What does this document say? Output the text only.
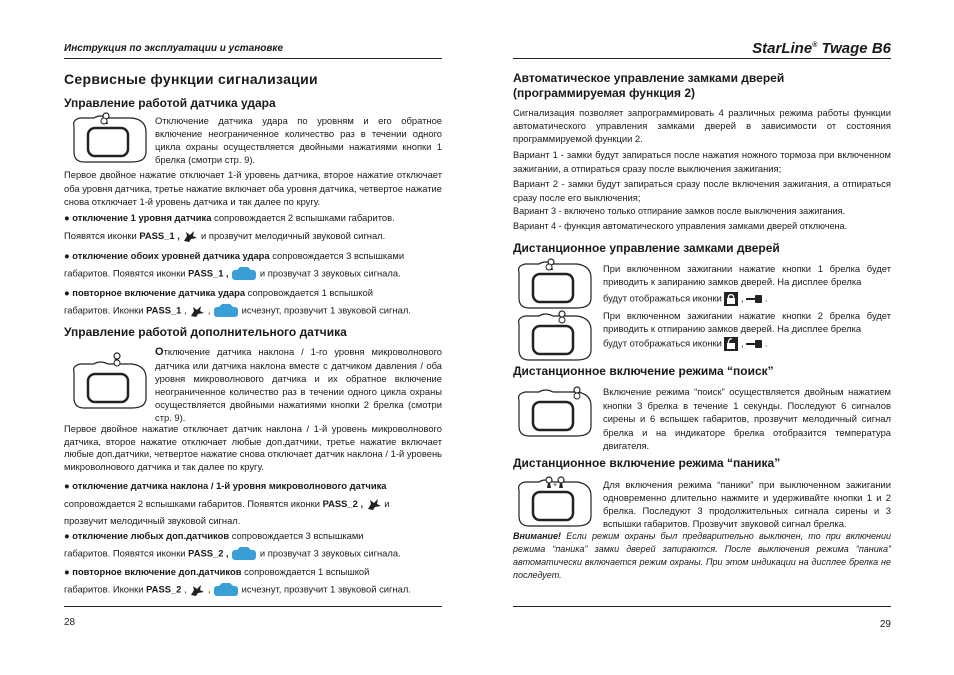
Инструкция по эксплуатации и установке
Сервисные функции сигнализации
Управление работой датчика удара
Отключение датчика удара по уровням и его обратное включение неограниченное количество раз в течении одного цикла охраны осуществляется двойными нажатиями кнопки 1 брелка (смотри стр. 9).
Первое двойное нажатие отключает 1-й уровень датчика, второе нажатие отключает оба уровня датчика, третье нажатие включает оба уровня датчика, четвертое нажатие снова отключает 1-й уровень датчика и так далее по кругу.
● отключение 1 уровня датчика сопровождается 2 вспышками габаритов.
Появятся иконки PASS_1 ,  и прозвучит мелодичный звуковой сигнал.
● отключение обоих уровней датчика удара сопровождается 3 вспышками
габаритов. Появятся иконки PASS_1 ,	и прозвучат 3 звуковых сигнала.
● повторное включение датчика удара сопровождается 1 вспышкой
габаритов. Иконки PASS_1 ,  ,	исчезнут, прозвучит 1 звуковой сигнал.
Управление работой дополнительного датчика
Отключение датчика наклона / 1-го уровня микроволнового датчика или датчика наклона вместе с датчиком давления / оба уровня микроволнового датчика и их обратное включение неограниченное количество раз в течении одного цикла охраны осуществляется двойными нажатиями кнопки 2 брелка (смотри стр. 9).
Первое двойное нажатие отключает датчик наклона / 1-й уровень микроволнового датчика, второе нажатие отключает любые доп.датчики, третье нажатие включает любые доп.датчики, четвертое нажатие снова отключает датчик наклона / 1-й уровень микроволнового датчика и так далее по кругу.
● отключение датчика наклона / 1-й уровня микроволнового датчика
сопровождается 2 вспышками габаритов. Появятся иконки PASS_2 ,  и
прозвучит мелодичный звуковой сигнал.
● отключение любых доп.датчиков сопровождается 3 вспышками
габаритов. Появятся иконки PASS_2 ,	и прозвучат 3 звуковых сигнала.
● повторное включение доп.датчиков сопровождается 1 вспышкой
габаритов. Иконки PASS_2 ,  ,	исчезнут, прозвучит 1 звуковой сигнал.
28
StarLine® Twage B6
Автоматическое управление замками дверей (программируемая функция 2)
Сигнализация позволяет запрограммировать 4 различных режима работы функции автоматического управления замками дверей в зависимости от состояния программируемой функции 2.
Вариант 1 - замки будут запираться после нажатия ножного тормоза при включенном зажигании, а отпираться сразу после выключения зажигания;
Вариант 2 - замки будут запираться сразу после включения зажигания, а отпираться сразу после его выключения;
Вариант 3 - включено только отпирание замков после выключения зажигания.
Вариант 4 - функция автоматического управления замками дверей отключена.
Дистанционное управление замками дверей
При включенном зажигании нажатие кнопки 1 брелка будет приводить к запиранию замков дверей. На дисплее брелка
будут отображаться иконки  ,  .
При включенном зажигании нажатие кнопки 2 брелка будет приводить к отпиранию замков дверей. На дисплее брелка
будут отображаться иконки  ,  .
Дистанционное включение режима “поиск”
Включение режима “поиск” осуществляется двойным нажатием кнопки 3 брелка в течение 1 секунды. Последуют 6 сигналов сирены и 6 вспышек габаритов, прозвучит мелодичный сигнал брелка и на индикаторе брелка отобразится температура двигателя.
Дистанционное включение режима “паника”
+	Для включения режима “паники” при выключенном зажигании одновременно длительно нажмите и удерживайте кнопки 1 и 2 брелка. Последуют 3 продолжительных сигнала сирены и 3 вспышки габаритов. Прозвучит звуковой сигнал брелка.
Внимание! Если режим охраны был предварительно выключен, то при включении режима “паника” замки дверей запираются. После выключения режима “паника” автоматически включается режим охраны. При этом индикации на дисплее брелка не последует.
29
